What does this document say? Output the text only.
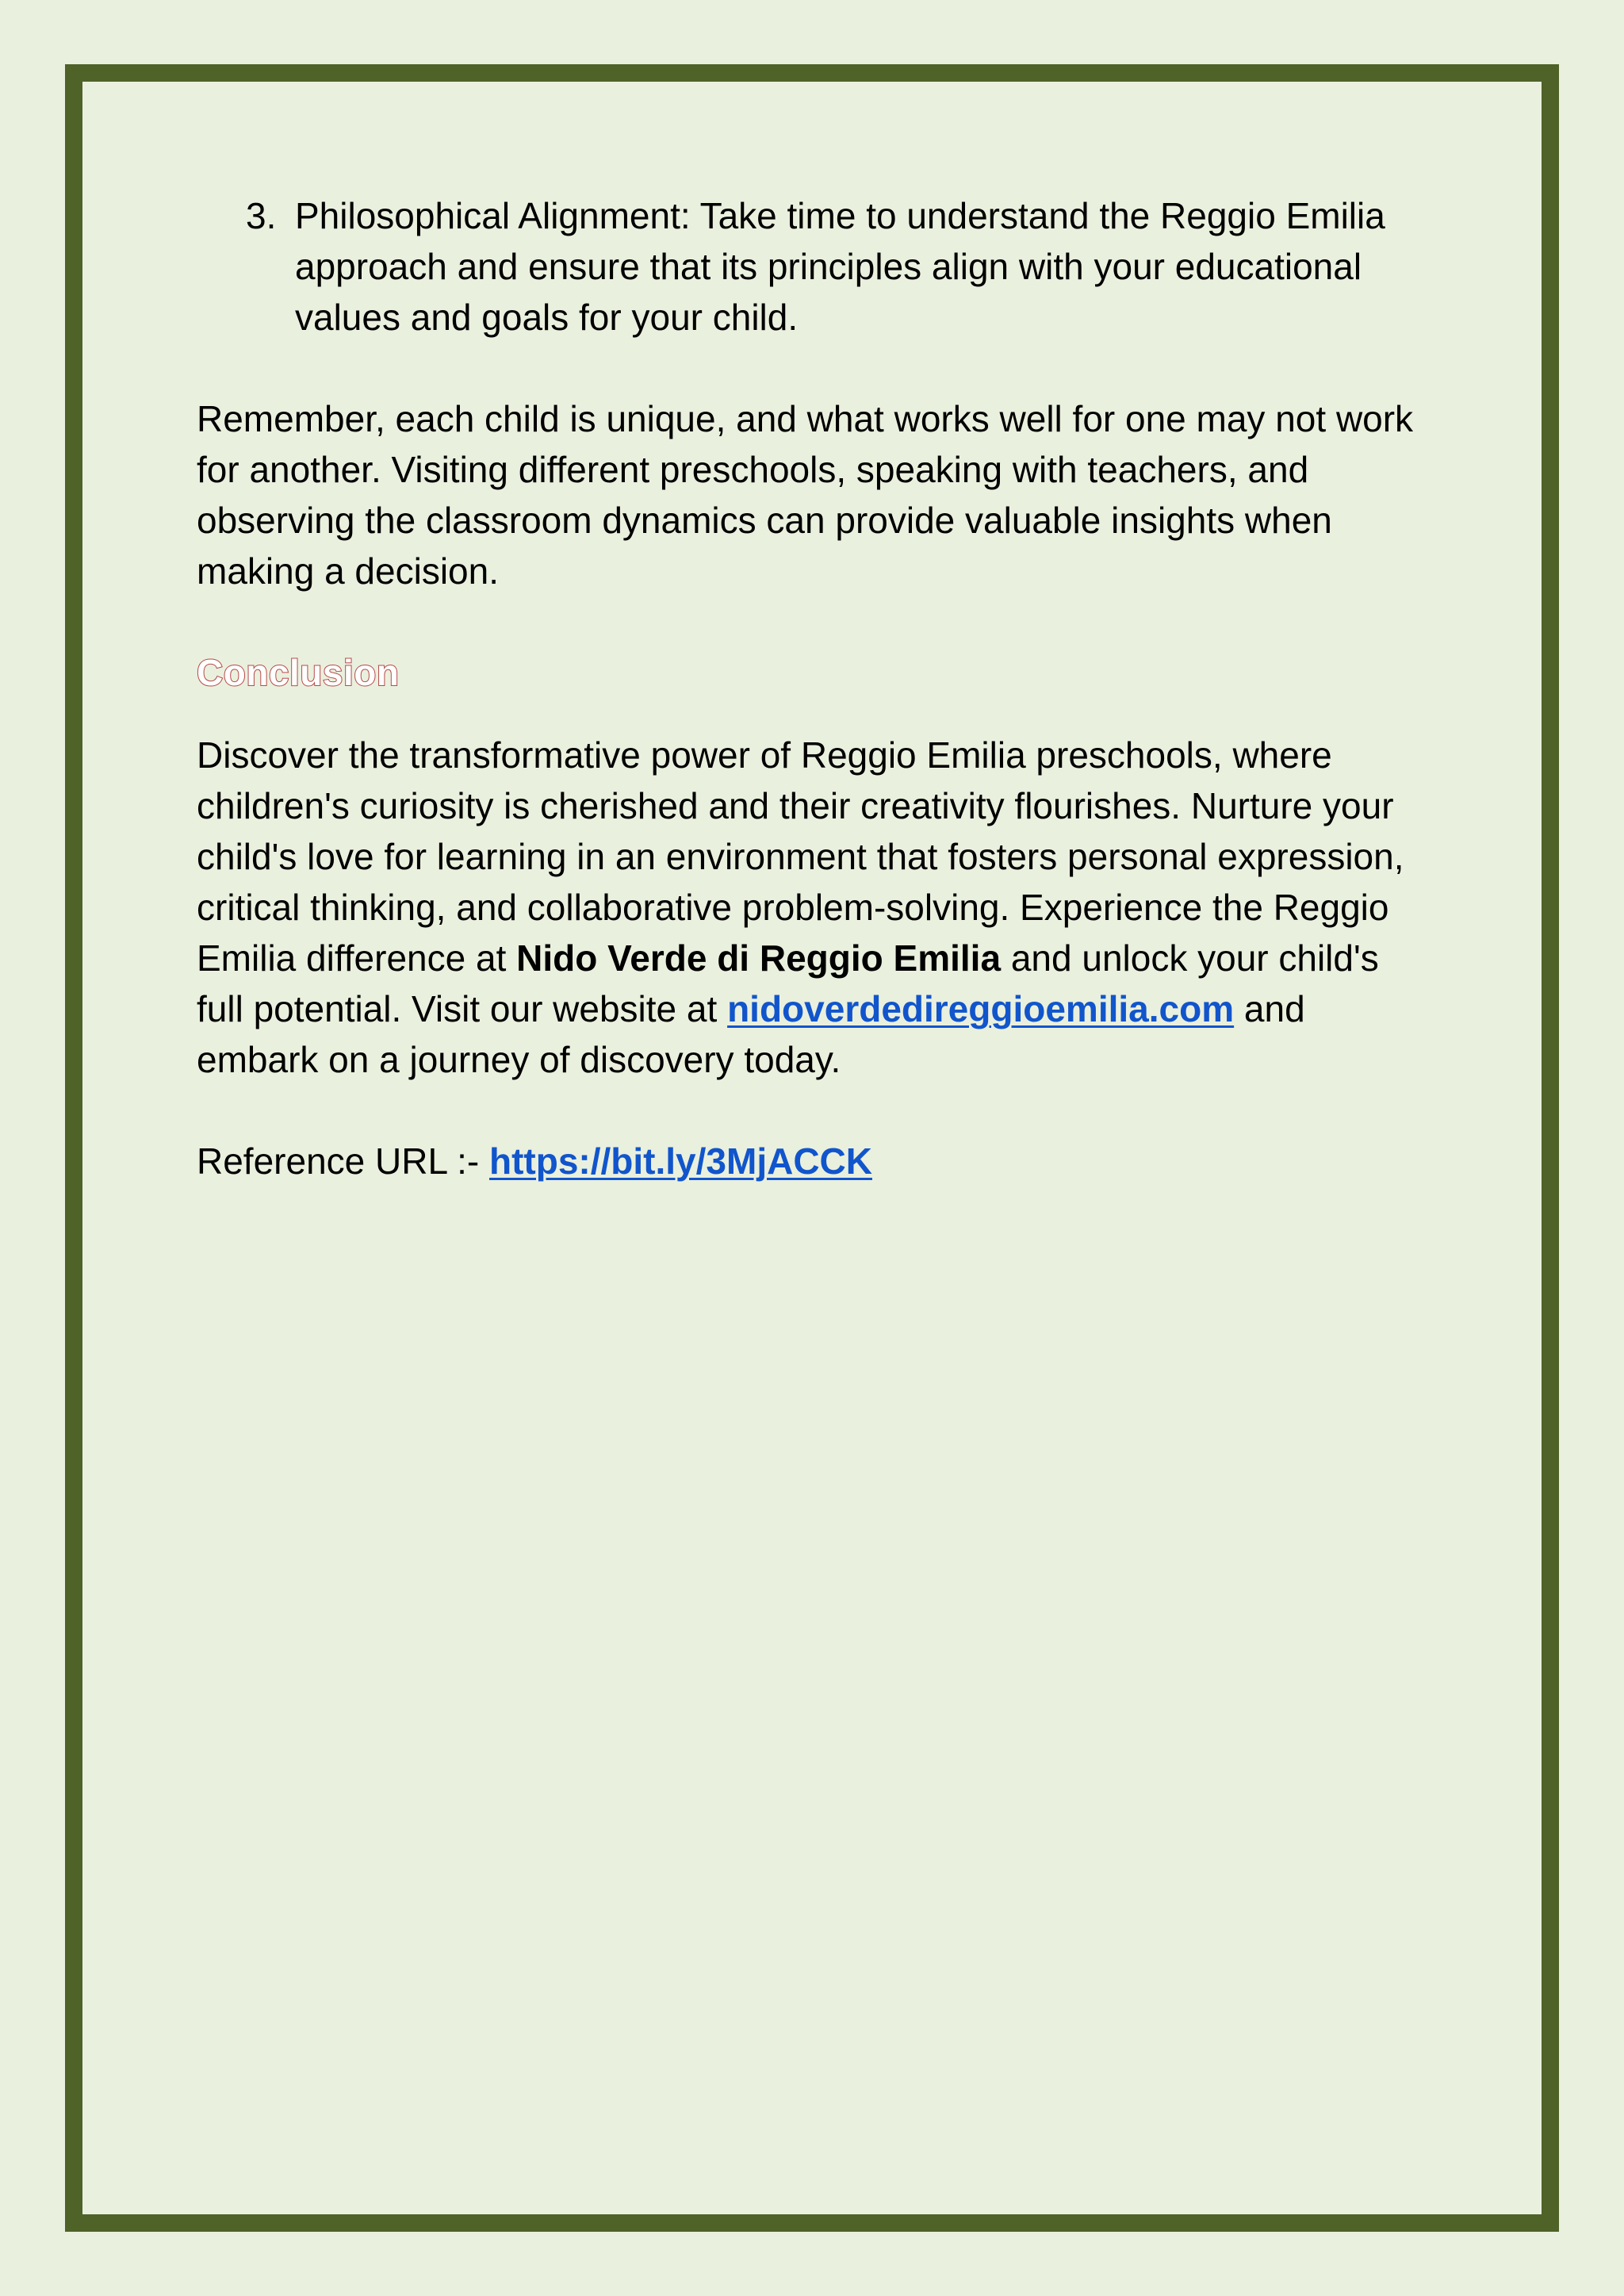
3. Philosophical Alignment: Take time to understand the Reggio Emilia approach and ensure that its principles align with your educational values and goals for your child.

Remember, each child is unique, and what works well for one may not work for another. Visiting different preschools, speaking with teachers, and observing the classroom dynamics can provide valuable insights when making a decision.

Conclusion

Discover the transformative power of Reggio Emilia preschools, where children's curiosity is cherished and their creativity flourishes. Nurture your child's love for learning in an environment that fosters personal expression, critical thinking, and collaborative problem-solving. Experience the Reggio Emilia difference at Nido Verde di Reggio Emilia and unlock your child's full potential. Visit our website at nidoverdedireggioemilia.com and embark on a journey of discovery today.

Reference URL :- https://bit.ly/3MjACCK
